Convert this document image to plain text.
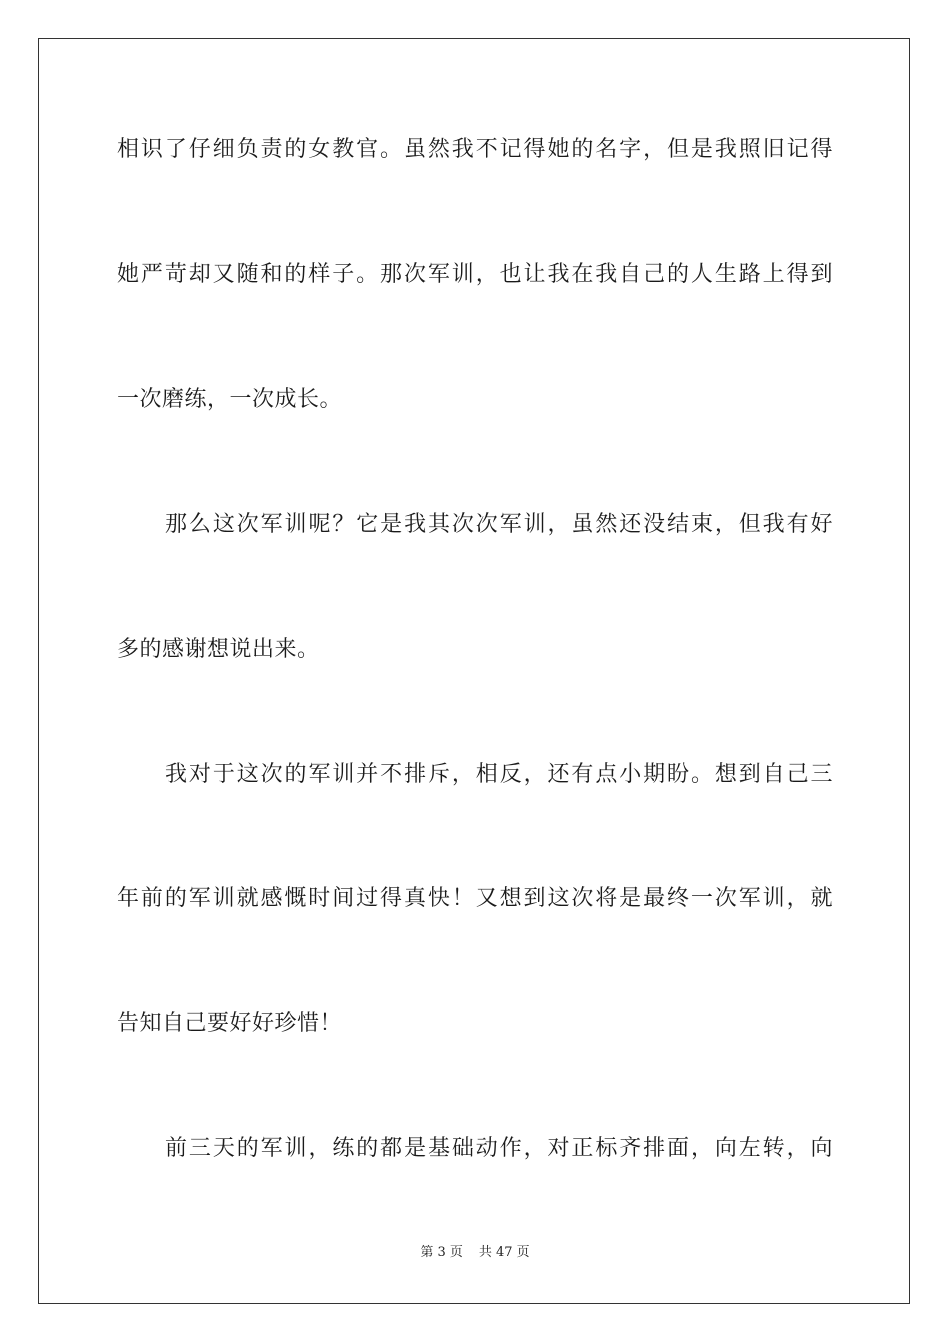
相识了仔细负责的女教官。虽然我不记得她的名字，但是我照旧记得
她严苛却又随和的样子。那次军训，也让我在我自己的人生路上得到
一次磨练，一次成长。
那么这次军训呢？它是我其次次军训，虽然还没结束，但我有好
多的感谢想说出来。
我对于这次的军训并不排斥，相反，还有点小期盼。想到自己三
年前的军训就感慨时间过得真快！又想到这次将是最终一次军训，就
告知自己要好好珍惜！
前三天的军训，练的都是基础动作，对正标齐排面，向左转，向
第 3 页 共 47 页
